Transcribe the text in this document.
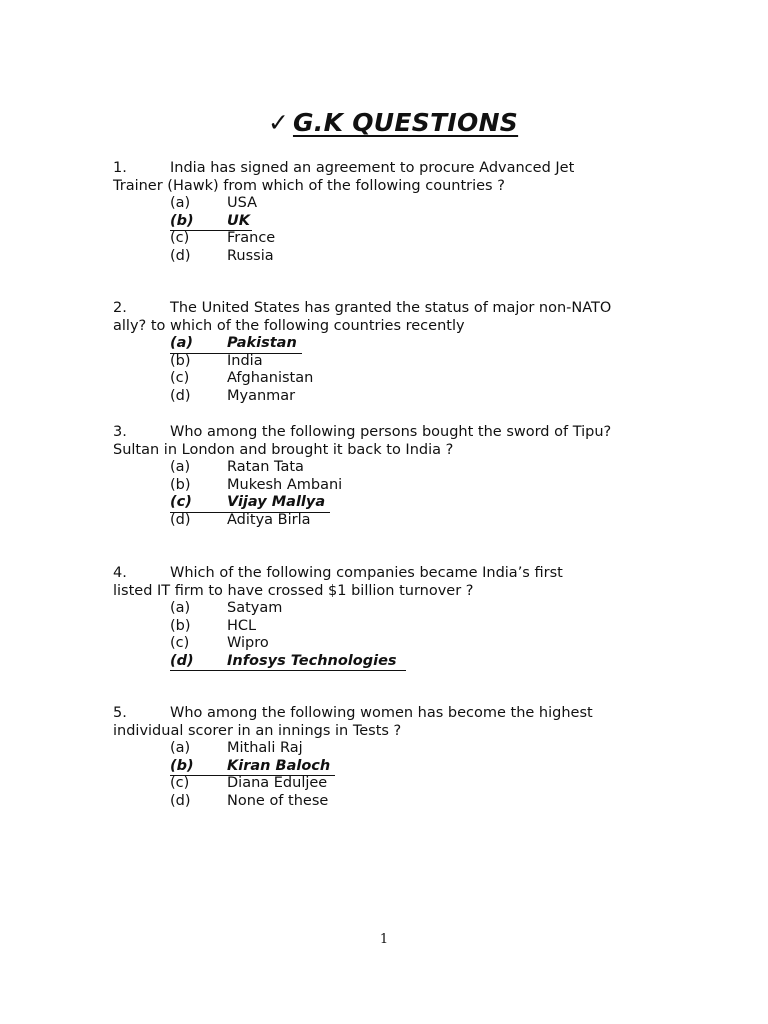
✓ G.K QUESTIONS
1.	India has signed an agreement to procure Advanced Jet
Trainer (Hawk) from which of the following countries ?
(a)	USA
(b) UK
(c)	France
(d)	Russia
2.	The United States has granted the status of major non-NATO
ally? to which of the following countries recently
(a) Pakistan
(b)	India
(c)	Afghanistan
(d)	Myanmar
3.	Who among the following persons bought the sword of Tipu?
Sultan in London and brought it back to India ?
(a)	Ratan Tata
(b)	Mukesh Ambani
(c) Vijay Mallya
(d)	Aditya Birla
4.	Which of the following companies became India’s first
listed IT firm to have crossed $1 billion turnover ?
(a)	Satyam
(b)	HCL
(c)	Wipro
(d) Infosys Technologies
5.	Who among the following women has become the highest
individual scorer in an innings in Tests ?
(a)	Mithali Raj
(b) Kiran Baloch
(c)	Diana Eduljee
(d)	None of these
1
